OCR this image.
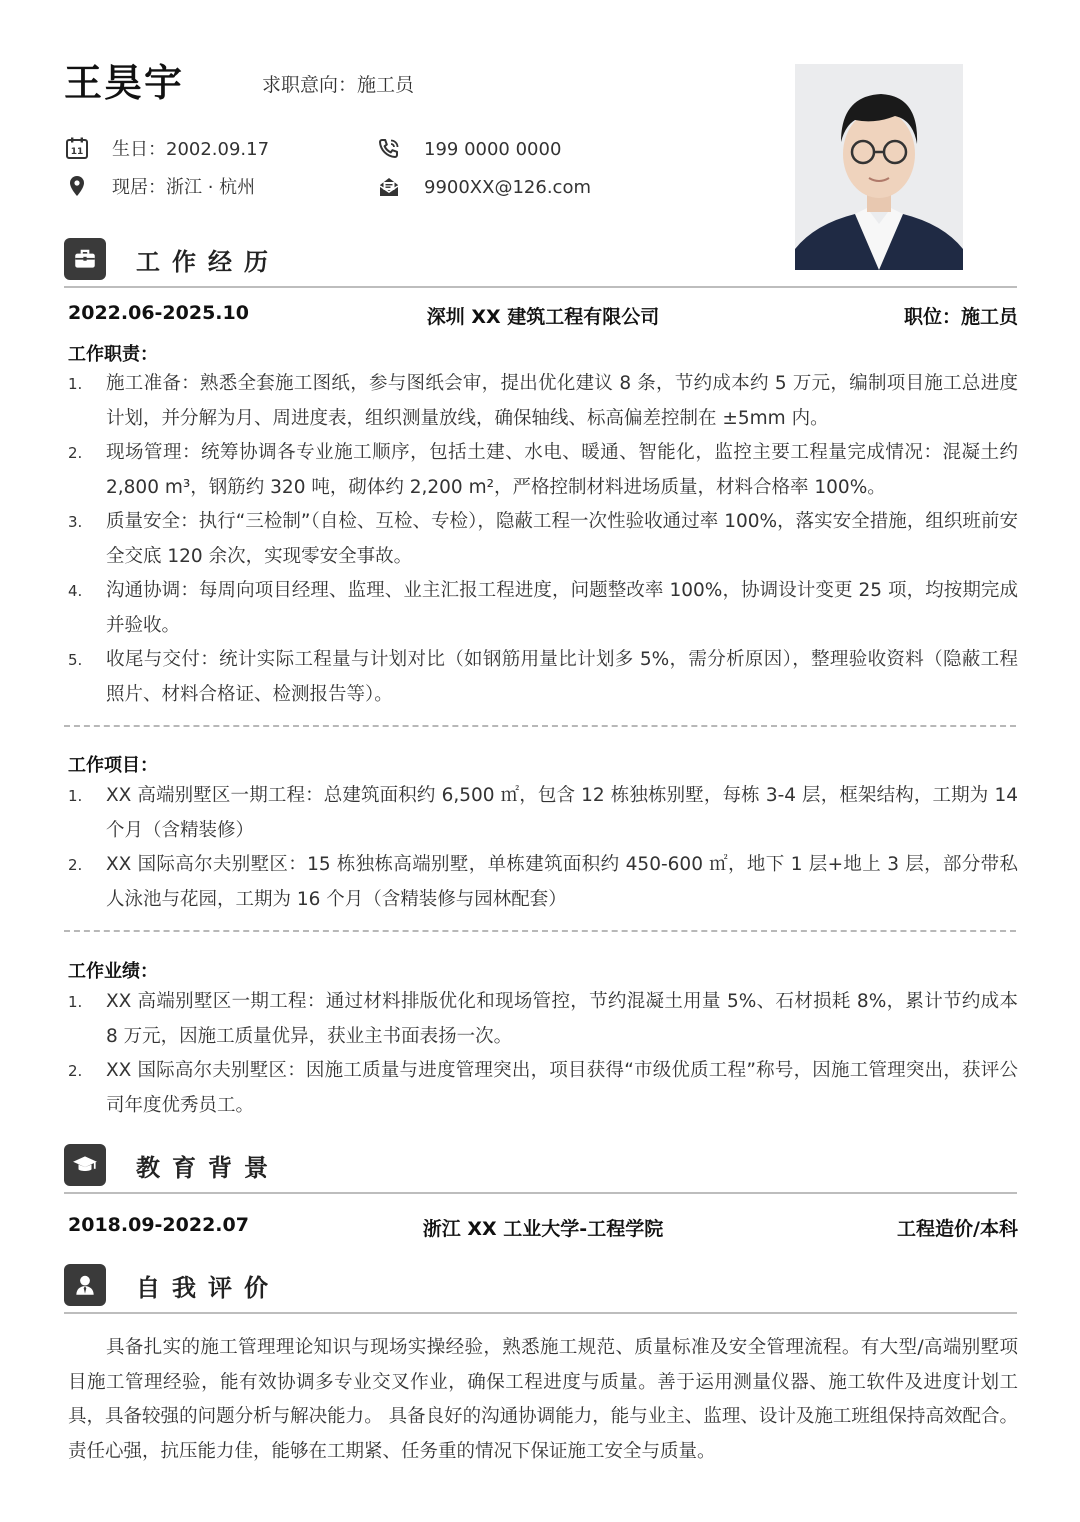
王昊宇	求职意向：施工员
11 生日：2002.09.17
现居：浙江 · 杭州
199 0000 0000
9900XX@126.com
工作经历
2022.06-2025.10	深圳 XX 建筑工程有限公司	职位：施工员
工作职责：
1. 施工准备：熟悉全套施工图纸，参与图纸会审，提出优化建议 8 条，节约成本约 5 万元，编制项目施工总进度计划，并分解为月、周进度表，组织测量放线，确保轴线、标高偏差控制在 ±5mm 内。
2. 现场管理：统筹协调各专业施工顺序，包括土建、水电、暖通、智能化，监控主要工程量完成情况：混凝土约 2,800 m³，钢筋约 320 吨，砌体约 2,200 m²，严格控制材料进场质量，材料合格率 100%。
3. 质量安全：执行“三检制”（自检、互检、专检），隐蔽工程一次性验收通过率 100%，落实安全措施，组织班前安全交底 120 余次，实现零安全事故。
4. 沟通协调：每周向项目经理、监理、业主汇报工程进度，问题整改率 100%，协调设计变更 25 项，均按期完成并验收。
5. 收尾与交付：统计实际工程量与计划对比（如钢筋用量比计划多 5%，需分析原因），整理验收资料（隐蔽工程照片、材料合格证、检测报告等）。
工作项目：
1. XX 高端别墅区一期工程：总建筑面积约 6,500 ㎡，包含 12 栋独栋别墅，每栋 3-4 层，框架结构，工期为 14 个月（含精装修）
2. XX 国际高尔夫别墅区：15 栋独栋高端别墅，单栋建筑面积约 450-600 ㎡，地下 1 层+地上 3 层，部分带私人泳池与花园，工期为 16 个月（含精装修与园林配套）
工作业绩：
1. XX 高端别墅区一期工程：通过材料排版优化和现场管控，节约混凝土用量 5%、石材损耗 8%，累计节约成本 8 万元，因施工质量优异，获业主书面表扬一次。
2. XX 国际高尔夫别墅区：因施工质量与进度管理突出，项目获得“市级优质工程”称号，因施工管理突出，获评公司年度优秀员工。
教育背景
2018.09-2022.07	浙江 XX 工业大学-工程学院	工程造价/本科
自我评价
具备扎实的施工管理理论知识与现场实操经验，熟悉施工规范、质量标准及安全管理流程。有大型/高端别墅项目施工管理经验，能有效协调多专业交叉作业，确保工程进度与质量。善于运用测量仪器、施工软件及进度计划工具，具备较强的问题分析与解决能力。 具备良好的沟通协调能力，能与业主、监理、设计及施工班组保持高效配合。责任心强，抗压能力佳，能够在工期紧、任务重的情况下保证施工安全与质量。
